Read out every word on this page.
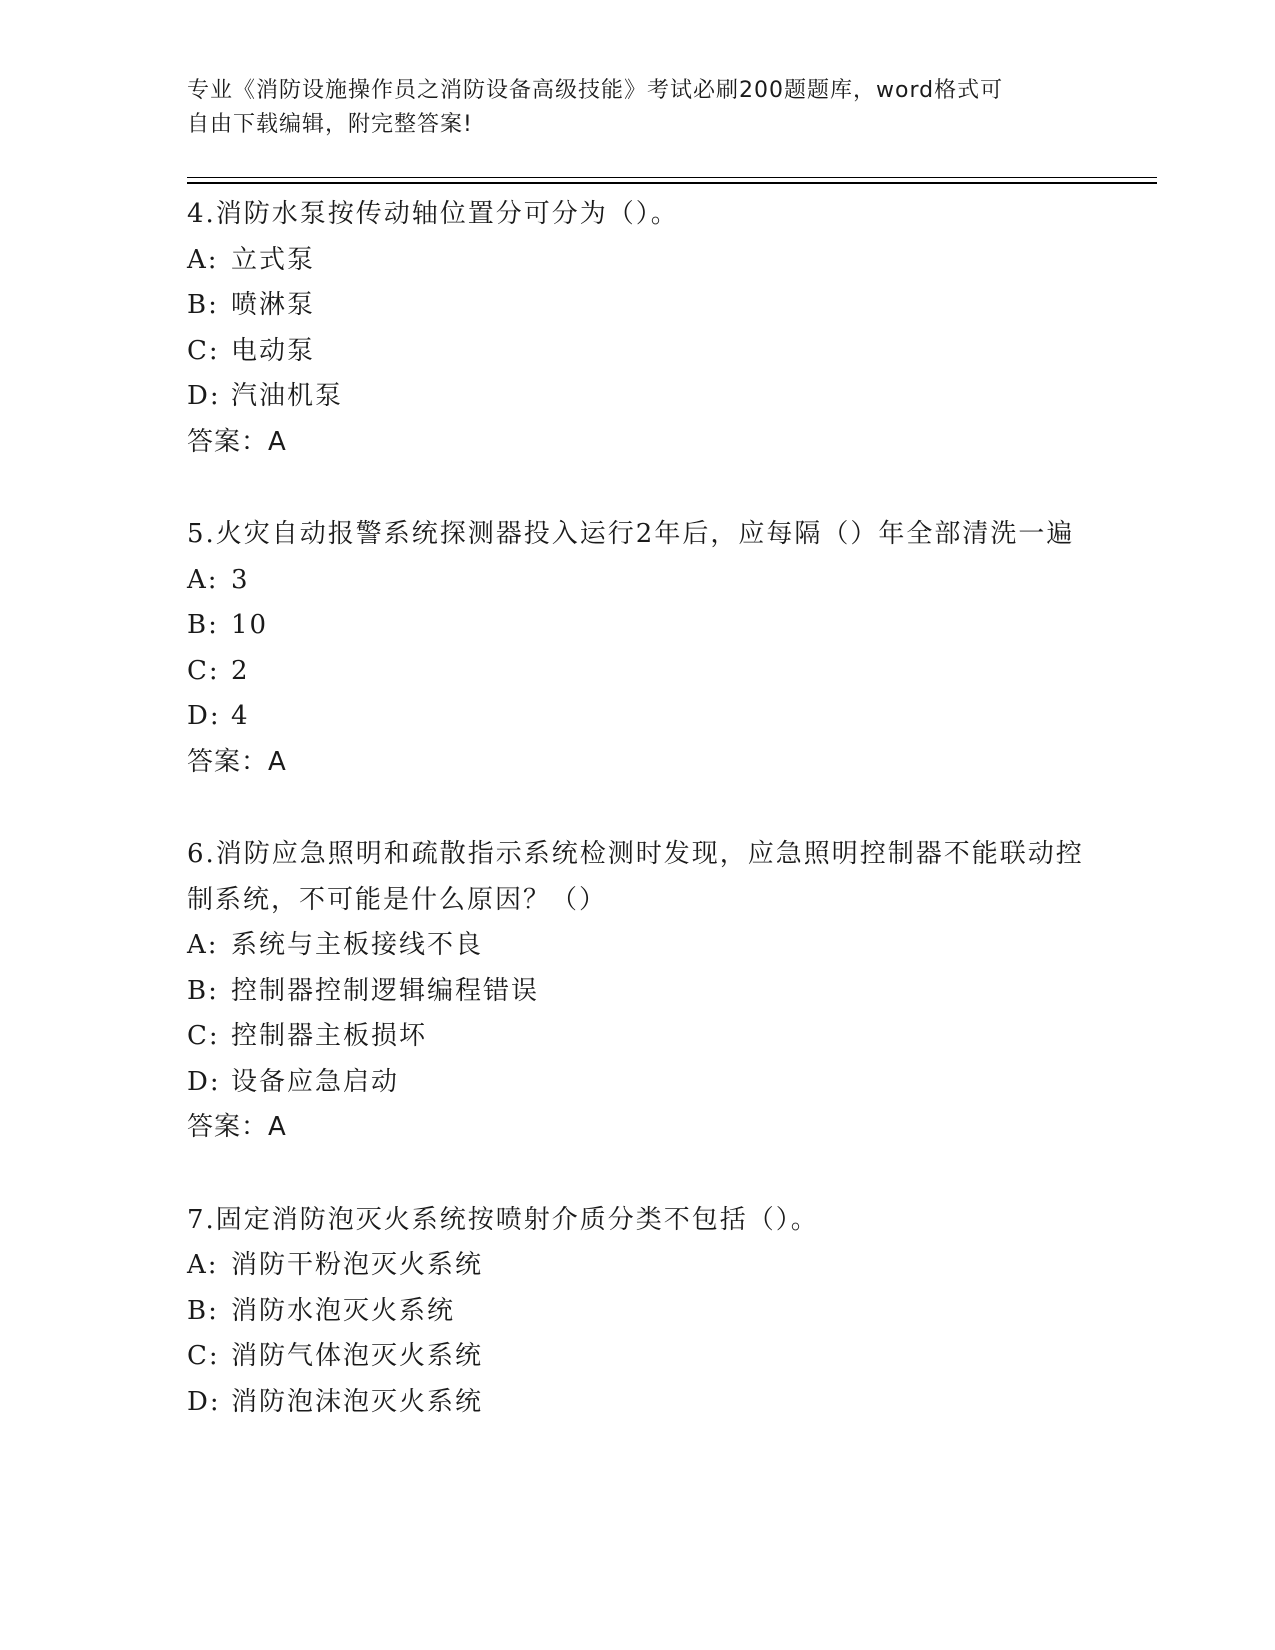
专业《消防设施操作员之消防设备高级技能》考试必刷200题题库，word格式可
自由下载编辑，附完整答案!
4.消防水泵按传动轴位置分可分为（）。
A: 立式泵
B: 喷淋泵
C: 电动泵
D: 汽油机泵
答案：A
5.火灾自动报警系统探测器投入运行2年后，应每隔（）年全部清洗一遍
A: 3
B: 10
C: 2
D: 4
答案：A
6.消防应急照明和疏散指示系统检测时发现，应急照明控制器不能联动控制系统，不可能是什么原因？（）
A: 系统与主板接线不良
B: 控制器控制逻辑编程错误
C: 控制器主板损坏
D: 设备应急启动
答案：A
7.固定消防泡灭火系统按喷射介质分类不包括（）。
A: 消防干粉泡灭火系统
B: 消防水泡灭火系统
C: 消防气体泡灭火系统
D: 消防泡沫泡灭火系统
